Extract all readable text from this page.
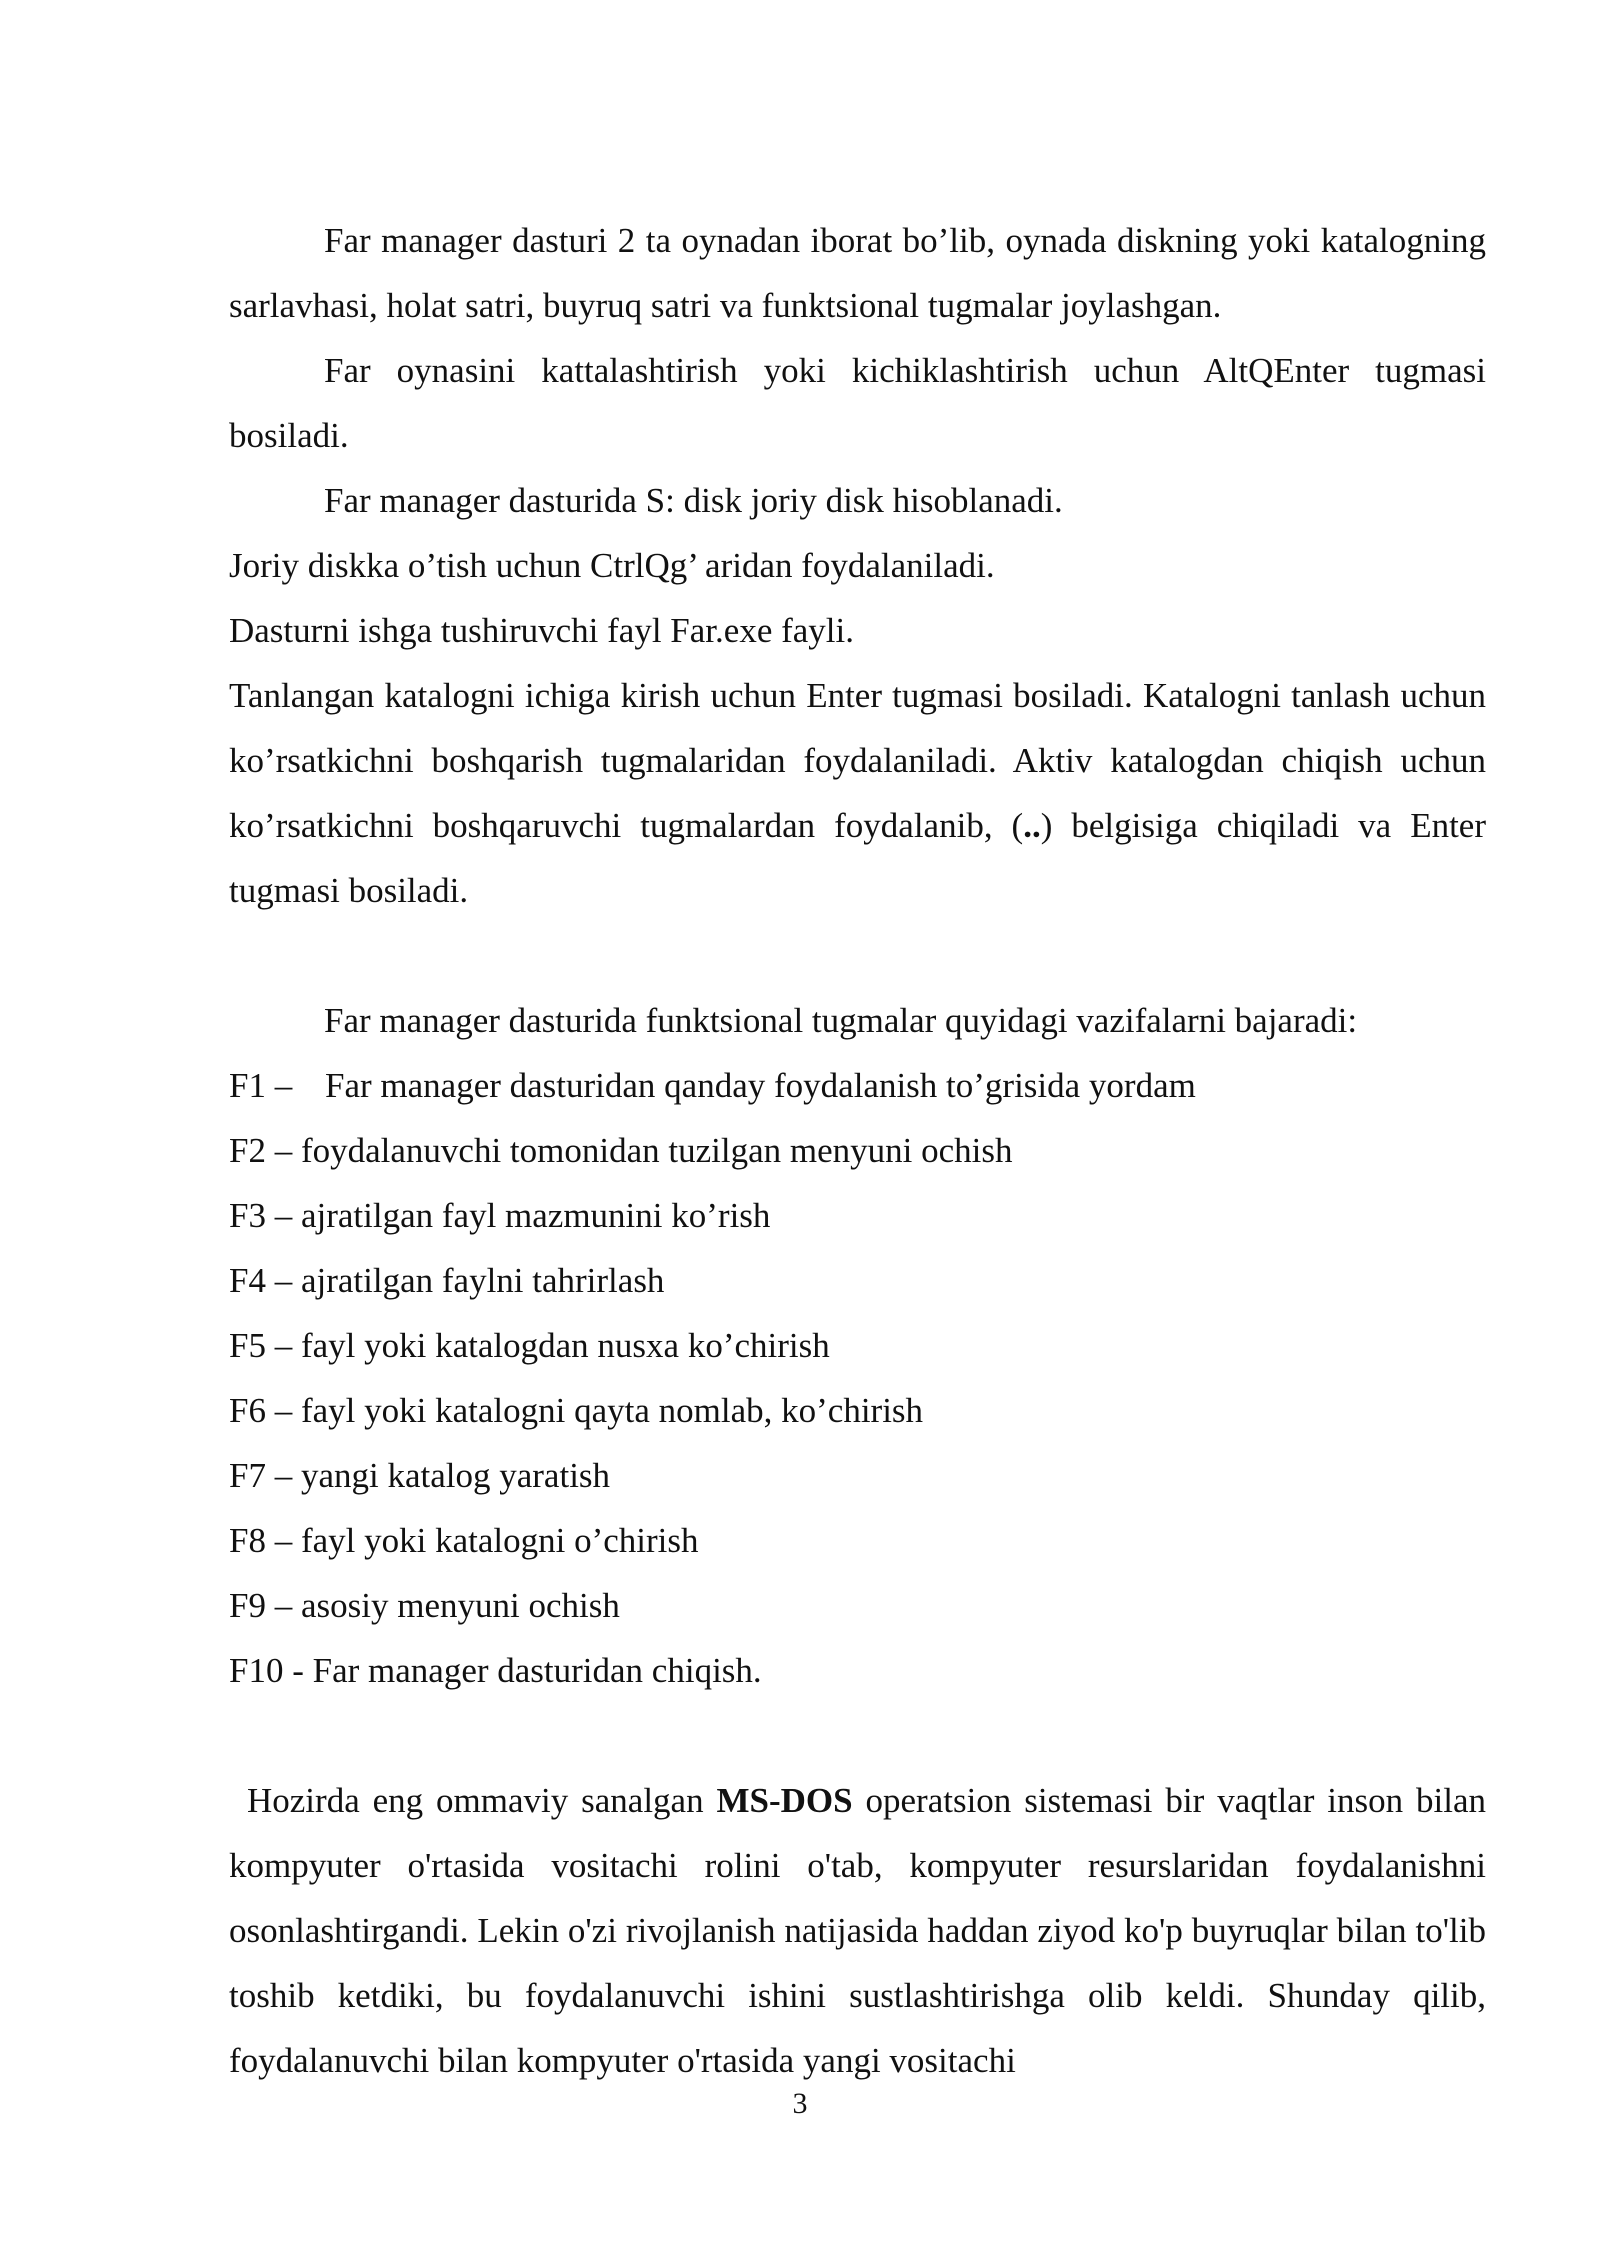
Far manager dasturi 2 ta oynadan iborat bo’lib, oynada diskning yoki katalogning sarlavhasi, holat satri, buyruq satri va funktsional tugmalar joylashgan.

Far oynasini kattalashtirish yoki kichiklashtirish uchun AltQEnter tugmasi bosiladi.

Far manager dasturida S: disk joriy disk hisoblanadi.

Joriy diskka o’tish uchun CtrlQg’ aridan foydalaniladi.

Dasturni ishga tushiruvchi fayl Far.exe fayli.

Tanlangan katalogni ichiga kirish uchun Enter tugmasi bosiladi. Katalogni tanlash uchun ko’rsatkichni boshqarish tugmalaridan foydalaniladi. Aktiv katalogdan chiqish uchun ko’rsatkichni boshqaruvchi tugmalardan foydalanib, (..) belgisiga chiqiladi va Enter tugmasi bosiladi.

Far manager dasturida funktsional tugmalar quyidagi vazifalarni bajaradi:

F1 – Far manager dasturidan qanday foydalanish to’grisida yordam

F2 – foydalanuvchi tomonidan tuzilgan menyuni ochish

F3 – ajratilgan fayl mazmunini ko’rish

F4 – ajratilgan faylni tahrirlash

F5 – fayl yoki katalogdan nusxa ko’chirish

F6 – fayl yoki katalogni qayta nomlab, ko’chirish

F7 – yangi katalog yaratish

F8 – fayl yoki katalogni o’chirish

F9 – asosiy menyuni ochish

F10 - Far manager dasturidan chiqish.

Hozirda eng ommaviy sanalgan MS-DOS operatsion sistemasi bir vaqtlar inson bilan kompyuter o'rtasida vositachi rolini o'tab, kompyuter resurslaridan foydalanishni osonlashtirgandi. Lekin o'zi rivojlanish natijasida haddan ziyod ko'p buyruqlar bilan to'lib toshib ketdiki, bu foydalanuvchi ishini sustlashtirishga olib keldi. Shunday qilib, foydalanuvchi bilan kompyuter o'rtasida yangi vositachi

3
